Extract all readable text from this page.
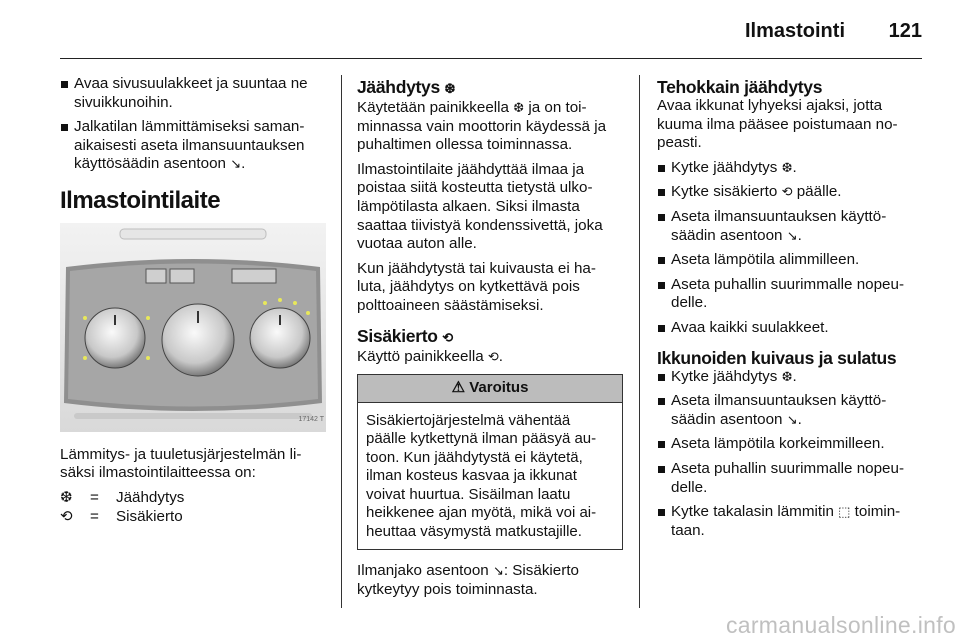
Ilmastointi	121
Avaa sivusuulakkeet ja suuntaa ne sivuikkunoihin.
Jalkatilan lämmittämiseksi saman- aikaisesti aseta ilmansuuntauksen käyttösäädin asentoon ↘.
Ilmastointilaite
17142 T
Lämmitys- ja tuuletusjärjestelmän li- säksi ilmastointilaitteessa on:
❆	=	Jäähdytys
⟲	=	Sisäkierto
Jäähdytys ❆
Käytetään painikkeella ❆ ja on toi- minnassa vain moottorin käydessä ja puhaltimen ollessa toiminnassa.
Ilmastointilaite jäähdyttää ilmaa ja poistaa siitä kosteutta tietystä ulko- lämpötilasta alkaen. Siksi ilmasta saattaa tiivistyä kondenssivettä, joka vuotaa auton alle.
Kun jäähdytystä tai kuivausta ei ha- luta, jäähdytys on kytkettävä pois polttoaineen säästämiseksi.
Sisäkierto ⟲
Käyttö painikkeella ⟲.
⚠ Varoitus
Sisäkiertojärjestelmä vähentää päälle kytkettynä ilman pääsyä au- toon. Kun jäähdytystä ei käytetä, ilman kosteus kasvaa ja ikkunat voivat huurtua. Sisäilman laatu heikkenee ajan myötä, mikä voi ai- heuttaa väsymystä matkustajille.
Ilmanjako asentoon ↘: Sisäkierto kytkeytyy pois toiminnasta.
Tehokkain jäähdytys
Avaa ikkunat lyhyeksi ajaksi, jotta kuuma ilma pääsee poistumaan no- peasti.
Kytke jäähdytys ❆.
Kytke sisäkierto ⟲ päälle.
Aseta ilmansuuntauksen käyttö- säädin asentoon ↘.
Aseta lämpötila alimmilleen.
Aseta puhallin suurimmalle nopeu- delle.
Avaa kaikki suulakkeet.
Ikkunoiden kuivaus ja sulatus
Kytke jäähdytys ❆.
Aseta ilmansuuntauksen käyttö- säädin asentoon ↘.
Aseta lämpötila korkeimmilleen.
Aseta puhallin suurimmalle nopeu- delle.
Kytke takalasin lämmitin ⬚ toimin- taan.
carmanualsonline.info
